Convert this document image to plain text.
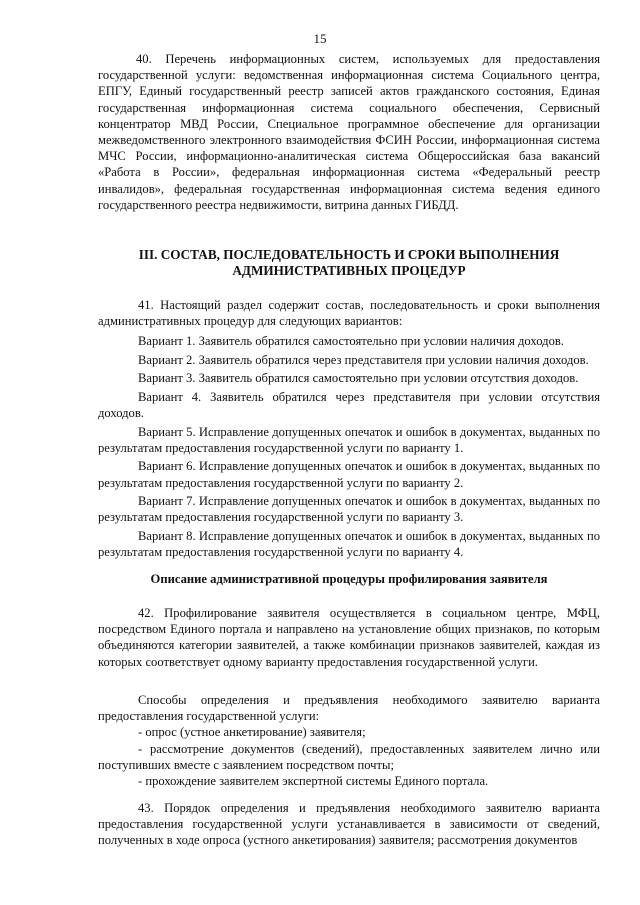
15
40. Перечень информационных систем, используемых для предоставления государственной услуги: ведомственная информационная система Социального центра, ЕПГУ, Единый государственный реестр записей актов гражданского состояния, Единая государственная информационная система социального обеспечения, Сервисный концентратор МВД России, Специальное программное обеспечение для организации межведомственного электронного взаимодействия ФСИН России, информационная система МЧС России, информационно-аналитическая система Общероссийская база вакансий «Работа в России», федеральная информационная система «Федеральный реестр инвалидов», федеральная государственная информационная система ведения единого государственного реестра недвижимости, витрина данных ГИБДД.
III. СОСТАВ, ПОСЛЕДОВАТЕЛЬНОСТЬ И СРОКИ ВЫПОЛНЕНИЯ
АДМИНИСТРАТИВНЫХ ПРОЦЕДУР
41. Настоящий раздел содержит состав, последовательность и сроки выполнения административных процедур для следующих вариантов:

Вариант 1. Заявитель обратился самостоятельно при условии наличия доходов.

Вариант 2. Заявитель обратился через представителя при условии наличия доходов.

Вариант 3. Заявитель обратился самостоятельно при условии отсутствия доходов.

Вариант 4. Заявитель обратился через представителя при условии отсутствия доходов.

Вариант 5. Исправление допущенных опечаток и ошибок в документах, выданных по результатам предоставления государственной услуги по варианту 1.

Вариант 6. Исправление допущенных опечаток и ошибок в документах, выданных по результатам предоставления государственной услуги по варианту 2.

Вариант 7. Исправление допущенных опечаток и ошибок в документах, выданных по результатам предоставления государственной услуги по варианту 3.

Вариант 8. Исправление допущенных опечаток и ошибок в документах, выданных по результатам предоставления государственной услуги по варианту 4.

Описание административной процедуры профилирования заявителя
42. Профилирование заявителя осуществляется в социальном центре, МФЦ, посредством Единого портала и направлено на установление общих признаков, по которым объединяются категории заявителей, а также комбинации признаков заявителей, каждая из которых соответствует одному варианту предоставления государственной услуги.

Способы определения и предъявления необходимого заявителю варианта предоставления государственной услуги:

- опрос (устное анкетирование) заявителя;

- рассмотрение документов (сведений), предоставленных заявителем лично или поступивших вместе с заявлением посредством почты;

- прохождение заявителем экспертной системы Единого портала.

43. Порядок определения и предъявления необходимого заявителю варианта предоставления государственной услуги устанавливается в зависимости от сведений, полученных в ходе опроса (устного анкетирования) заявителя; рассмотрения документов
